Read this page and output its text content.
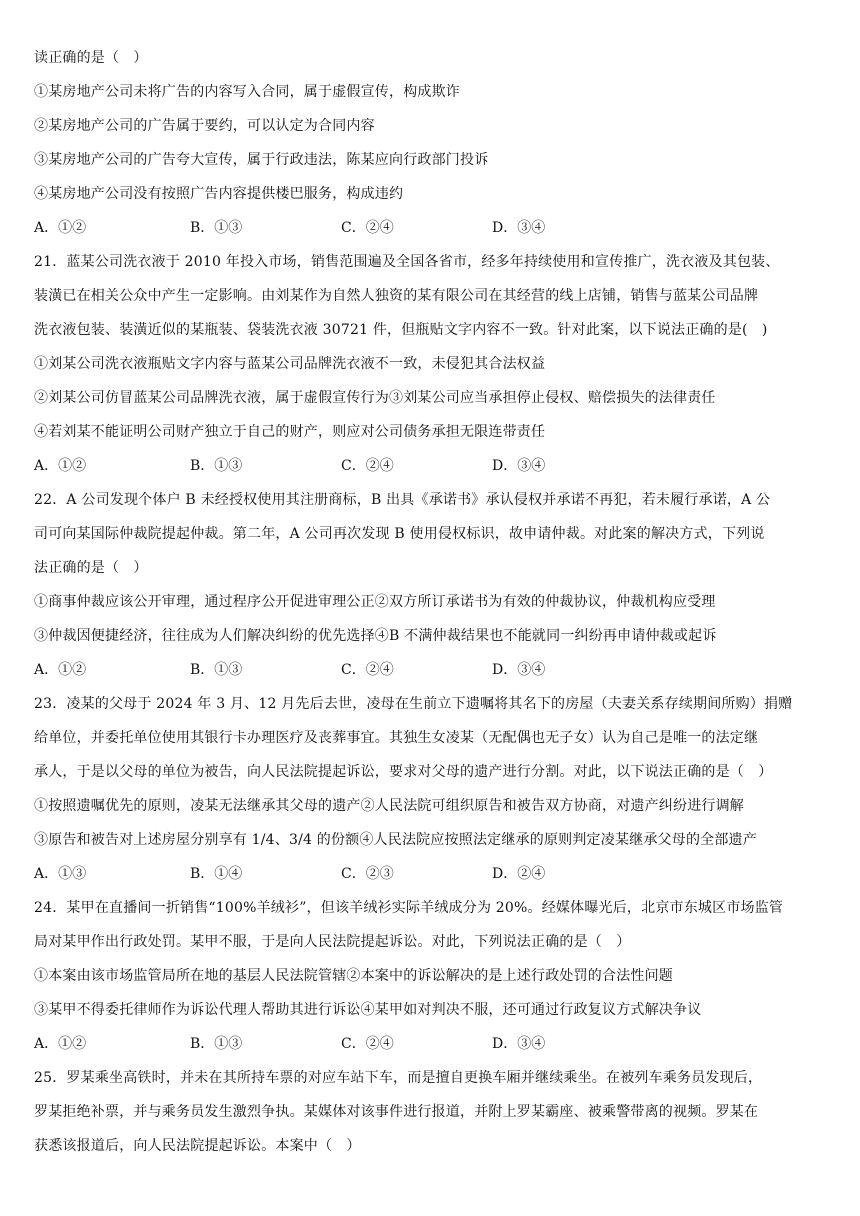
读正确的是（　）
①某房地产公司未将广告的内容写入合同，属于虚假宣传，构成欺诈
②某房地产公司的广告属于要约，可以认定为合同内容
③某房地产公司的广告夸大宣传，属于行政违法，陈某应向行政部门投诉
④某房地产公司没有按照广告内容提供楼巴服务，构成违约
A．①②	B．①③	C．②④	D．③④
21．蓝某公司洗衣液于 2010 年投入市场，销售范围遍及全国各省市，经多年持续使用和宣传推广，洗衣液及其包装、
装潢已在相关公众中产生一定影响。由刘某作为自然人独资的某有限公司在其经营的线上店铺，销售与蓝某公司品牌
洗衣液包装、装潢近似的某瓶装、袋装洗衣液 30721 件，但瓶贴文字内容不一致。针对此案，以下说法正确的是(　)
①刘某公司洗衣液瓶贴文字内容与蓝某公司品牌洗衣液不一致，未侵犯其合法权益
②刘某公司仿冒蓝某公司品牌洗衣液，属于虚假宣传行为③刘某公司应当承担停止侵权、赔偿损失的法律责任
④若刘某不能证明公司财产独立于自己的财产，则应对公司债务承担无限连带责任
A．①②	B．①③	C．②④	D．③④
22．A 公司发现个体户 B 未经授权使用其注册商标，B 出具《承诺书》承认侵权并承诺不再犯，若未履行承诺，A 公
司可向某国际仲裁院提起仲裁。第二年，A 公司再次发现 B 使用侵权标识，故申请仲裁。对此案的解决方式，下列说
法正确的是（　）
①商事仲裁应该公开审理，通过程序公开促进审理公正②双方所订承诺书为有效的仲裁协议，仲裁机构应受理
③仲裁因便捷经济，往往成为人们解决纠纷的优先选择④B 不满仲裁结果也不能就同一纠纷再申请仲裁或起诉
A．①②	B．①③	C．②④	D．③④
23．凌某的父母于 2024 年 3 月、12 月先后去世，凌母在生前立下遗嘱将其名下的房屋（夫妻关系存续期间所购）捐赠
给单位，并委托单位使用其银行卡办理医疗及丧葬事宜。其独生女凌某（无配偶也无子女）认为自己是唯一的法定继
承人，于是以父母的单位为被告，向人民法院提起诉讼，要求对父母的遗产进行分割。对此，以下说法正确的是（　）
①按照遗嘱优先的原则，凌某无法继承其父母的遗产②人民法院可组织原告和被告双方协商，对遗产纠纷进行调解
③原告和被告对上述房屋分别享有 1/4、3/4 的份额④人民法院应按照法定继承的原则判定凌某继承父母的全部遗产
A．①③	B．①④	C．②③	D．②④
24．某甲在直播间一折销售“100%羊绒衫”，但该羊绒衫实际羊绒成分为 20%。经媒体曝光后，北京市东城区市场监管
局对某甲作出行政处罚。某甲不服，于是向人民法院提起诉讼。对此，下列说法正确的是（　）
①本案由该市场监管局所在地的基层人民法院管辖②本案中的诉讼解决的是上述行政处罚的合法性问题
③某甲不得委托律师作为诉讼代理人帮助其进行诉讼④某甲如对判决不服，还可通过行政复议方式解决争议
A．①②	B．①③	C．②④	D．③④
25．罗某乘坐高铁时，并未在其所持车票的对应车站下车，而是擅自更换车厢并继续乘坐。在被列车乘务员发现后，
罗某拒绝补票，并与乘务员发生激烈争执。某媒体对该事件进行报道，并附上罗某霸座、被乘警带离的视频。罗某在
获悉该报道后，向人民法院提起诉讼。本案中（　）
